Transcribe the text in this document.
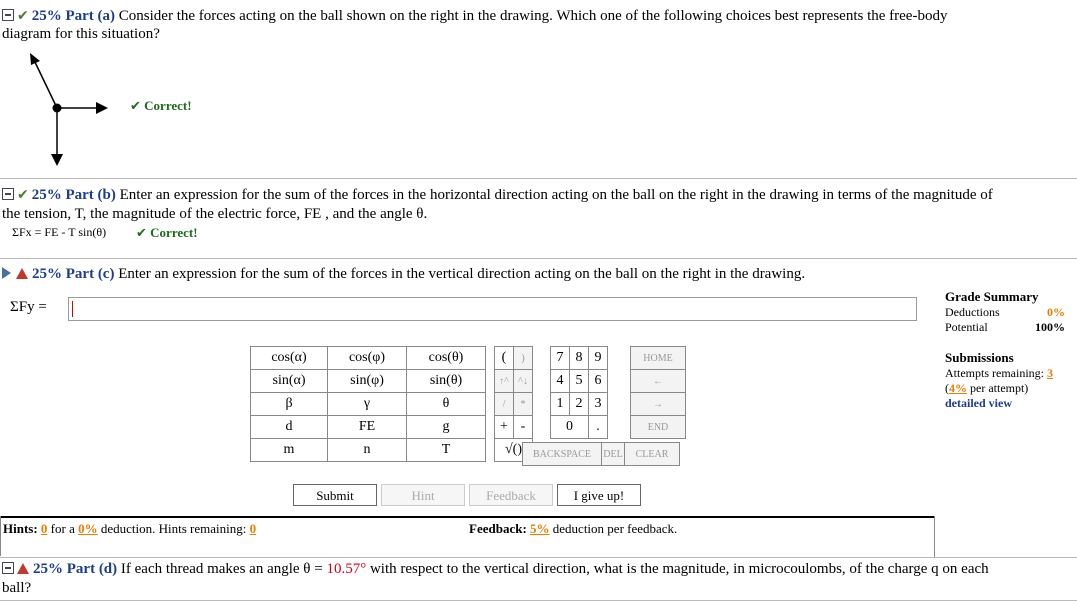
✔ 25% Part (a) Consider the forces acting on the ball shown on the right in the drawing. Which one of the following choices best represents the free-body
diagram for this situation?
✔ Correct!
✔ 25% Part (b) Enter an expression for the sum of the forces in the horizontal direction acting on the ball on the right in the drawing in terms of the magnitude of
the tension, T, the magnitude of the electric force, FE , and the angle θ.
ΣFx = FE - T sin(θ) ✔ Correct!
25% Part (c) Enter an expression for the sum of the forces in the vertical direction acting on the ball on the right in the drawing.
ΣFy =
cos(α)	cos(φ)	cos(θ)
sin(α)	sin(φ)	sin(θ)
β	γ	θ
d	FE	g
m	n	T
(	)
↑^	^↓
/	*
+	-
√()	
7	8	9
4	5	6
1	2	3
0		.
HOME
←
→
END
BACKSPACE	DEL	CLEAR
Submit	Hint	Feedback	I give up!
Grade Summary
Deductions	0%
Potential	100%
Submissions
Attempts remaining: 3
(4% per attempt)
detailed view
Hints: 0 for a 0% deduction. Hints remaining: 0	Feedback: 5% deduction per feedback.
25% Part (d) If each thread makes an angle θ = 10.57° with respect to the vertical direction, what is the magnitude, in microcoulombs, of the charge q on each
ball?
